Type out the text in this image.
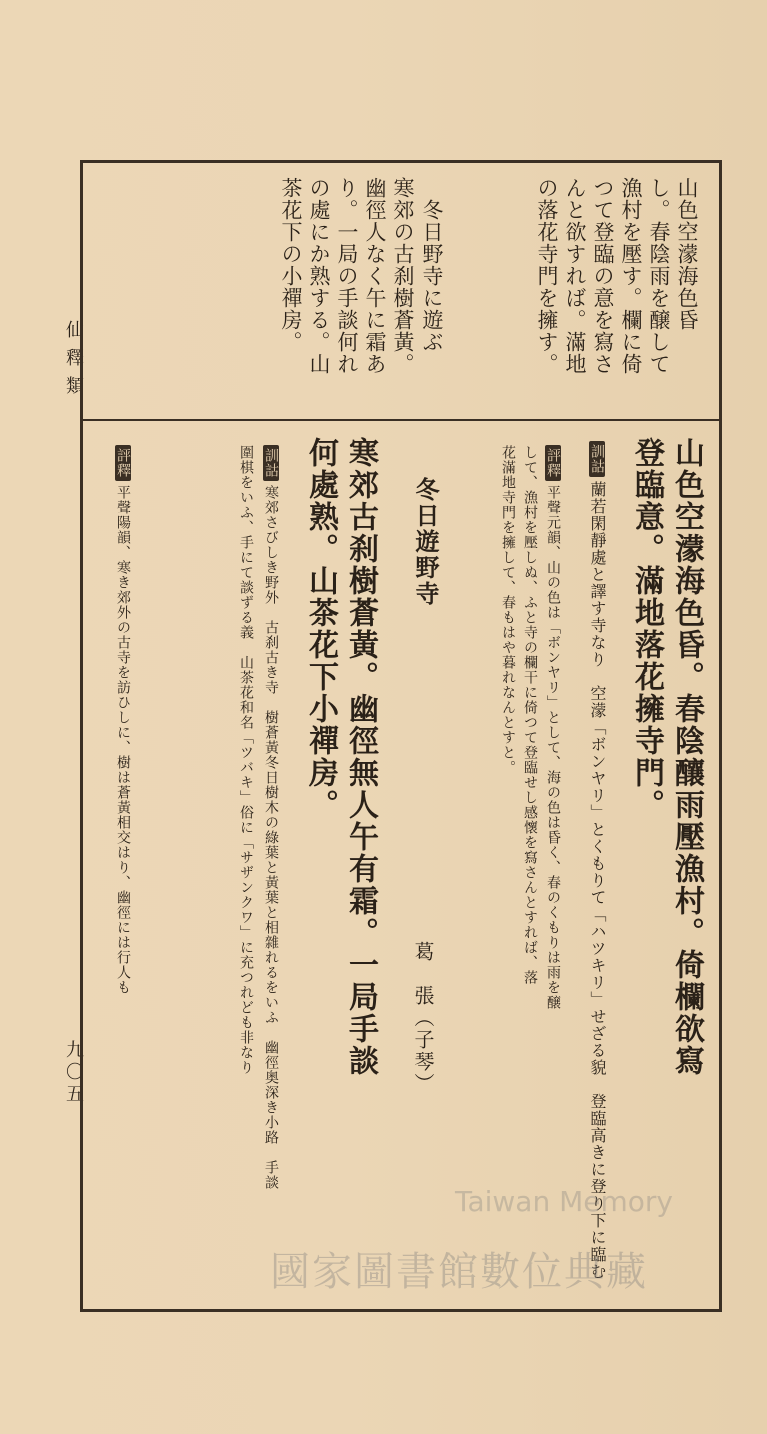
仙釋類
九〇五
山色空濛海色昏
し。春陰雨を醸して
漁村を壓す。欄に倚
つて登臨の意を寫さ
んと欲すれば。滿地
の落花寺門を擁す。
冬日野寺に遊ぶ
寒郊の古刹樹蒼黃。
幽徑人なく午に霜あ
り。一局の手談何れ
の處にか熟する。山
茶花下の小禪房。
山色空濛海色昏。春陰釀雨壓漁村。倚欄欲寫
登臨意。滿地落花擁寺門。
訓詁蘭若閑靜處と譯す寺なり　空濛「ボンヤリ」とくもりて「ハツキリ」せざる貌　登臨高きに登り下に臨む
評釋平聲元韻、山の色は「ボンヤリ」として、海の色は昏く、春のくもりは雨を醸
して、漁村を壓しぬ、ふと寺の欄干に倚つて登臨せし感懷を寫さんとすれば、落
花滿地寺門を擁して、春もはや暮れなんとすと。
冬日遊野寺
葛　張（子琴）
寒郊古刹樹蒼黃。幽徑無人午有霜。一局手談
何處熟。山茶花下小禪房。
訓詁寒郊さびしき野外　古刹古き寺　樹蒼黃冬日樹木の綠葉と黃葉と相雜れるをいふ　幽徑奥深き小路　手談
圍棋をいふ、手にて談ずる義　山茶花和名「ツバキ」俗に「サザンクワ」に充つれども非なり
評釋平聲陽韻、寒き郊外の古寺を訪ひしに、樹は蒼黃相交はり、幽徑には行人も
Taiwan Memory
國家圖書館數位典藏
